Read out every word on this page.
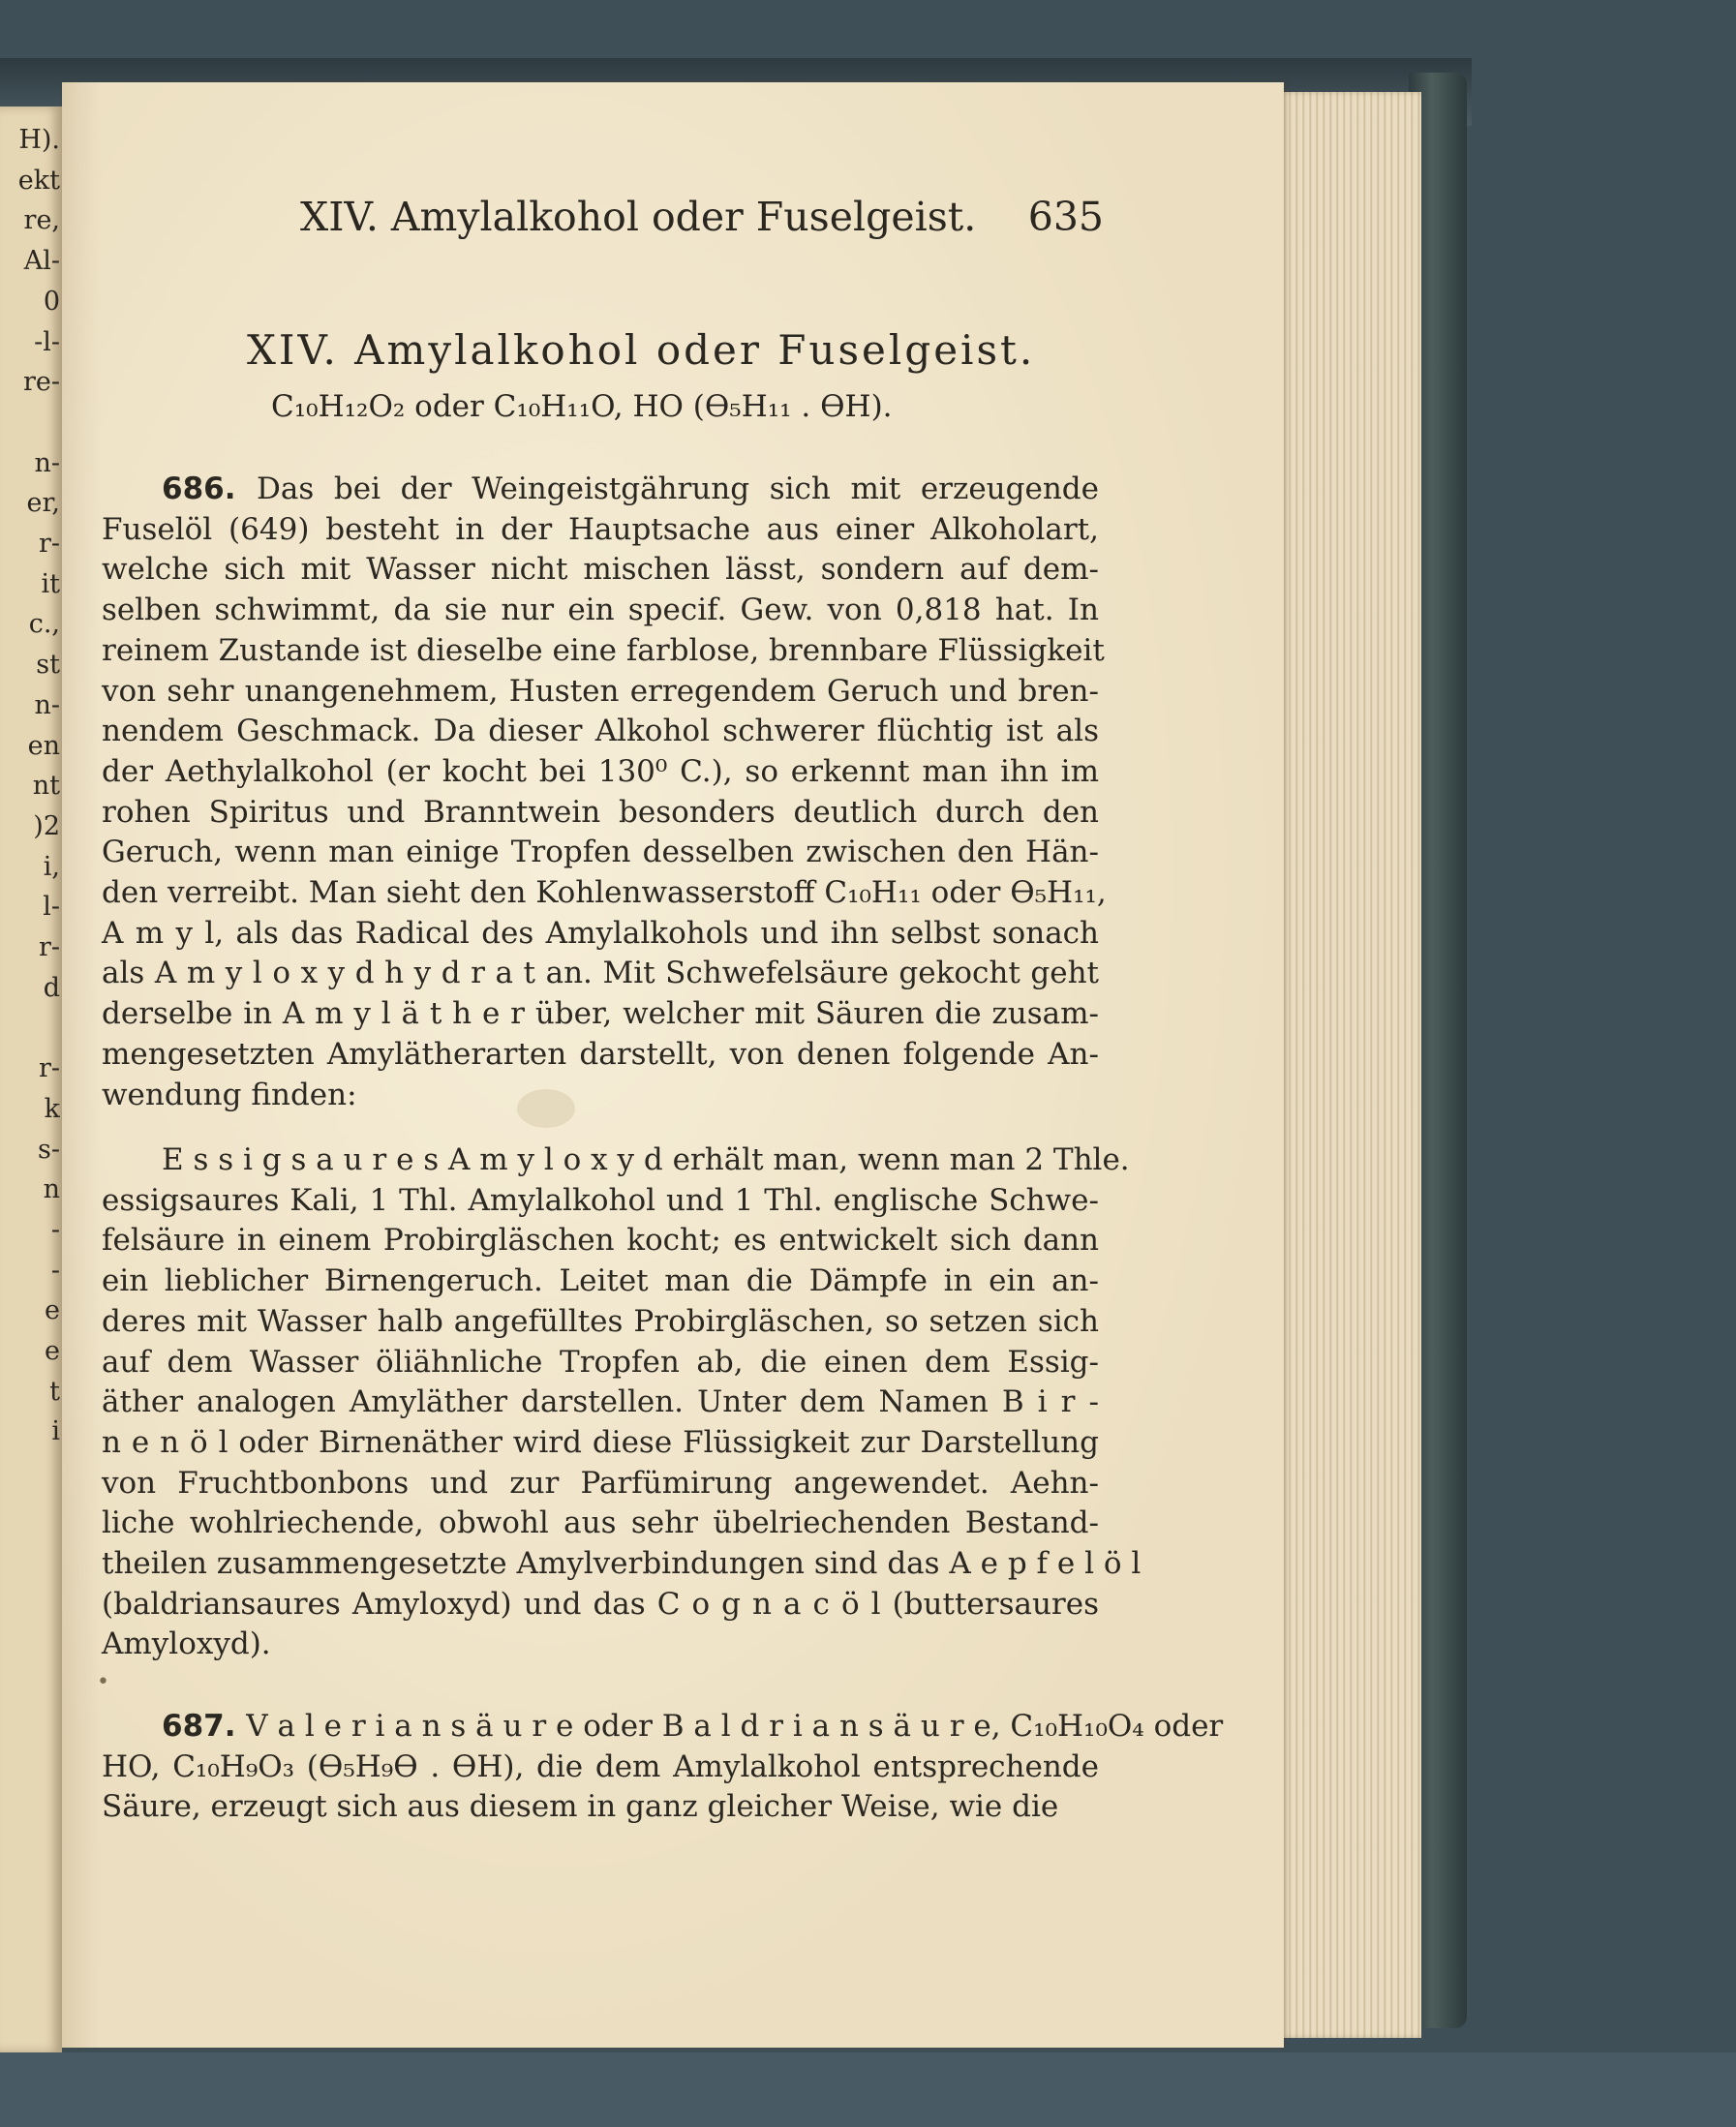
H).
ekt
re,
Al-
0
-l-
re-
n-
er,
r-
it
c.,
st
n-
en
nt
)2
i,
l-
r-
d
r-
k
s-
n
-
-
e
e
t
i
•
XIV. Amylalkohol oder Fuselgeist. 635
XIV. Amylalkohol oder Fuselgeist.
C₁₀H₁₂O₂ oder C₁₀H₁₁O, HO (Ɵ₅H₁₁ . ƟH).
686. Das bei der Weingeistgährung sich mit erzeugende
Fuselöl (649) besteht in der Hauptsache aus einer Alkoholart,
welche sich mit Wasser nicht mischen lässt, sondern auf dem-
selben schwimmt, da sie nur ein specif. Gew. von 0,818 hat. In
reinem Zustande ist dieselbe eine farblose, brennbare Flüssigkeit
von sehr unangenehmem, Husten erregendem Geruch und bren-
nendem Geschmack. Da dieser Alkohol schwerer flüchtig ist als
der Aethylalkohol (er kocht bei 130⁰ C.), so erkennt man ihn im
rohen Spiritus und Branntwein besonders deutlich durch den
Geruch, wenn man einige Tropfen desselben zwischen den Hän-
den verreibt. Man sieht den Kohlenwasserstoff C₁₀H₁₁ oder Ɵ₅H₁₁,
A m y l, als das Radical des Amylalkohols und ihn selbst sonach
als A m y l o x y d h y d r a t an. Mit Schwefelsäure gekocht geht
derselbe in A m y l ä t h e r über, welcher mit Säuren die zusam-
mengesetzten Amylätherarten darstellt, von denen folgende An-
wendung finden:
E s s i g s a u r e s A m y l o x y d erhält man, wenn man 2 Thle.
essigsaures Kali, 1 Thl. Amylalkohol und 1 Thl. englische Schwe-
felsäure in einem Probirgläschen kocht; es entwickelt sich dann
ein lieblicher Birnengeruch. Leitet man die Dämpfe in ein an-
deres mit Wasser halb angefülltes Probirgläschen, so setzen sich
auf dem Wasser öliähnliche Tropfen ab, die einen dem Essig-
äther analogen Amyläther darstellen. Unter dem Namen B i r -
n e n ö l oder Birnenäther wird diese Flüssigkeit zur Darstellung
von Fruchtbonbons und zur Parfümirung angewendet. Aehn-
liche wohlriechende, obwohl aus sehr übelriechenden Bestand-
theilen zusammengesetzte Amylverbindungen sind das A e p f e l ö l
(baldriansaures Amyloxyd) und das C o g n a c ö l (buttersaures
Amyloxyd).
687. V a l e r i a n s ä u r e oder B a l d r i a n s ä u r e, C₁₀H₁₀O₄ oder
HO, C₁₀H₉O₃ (Ɵ₅H₉Ɵ . ƟH), die dem Amylalkohol entsprechende
Säure, erzeugt sich aus diesem in ganz gleicher Weise, wie die
